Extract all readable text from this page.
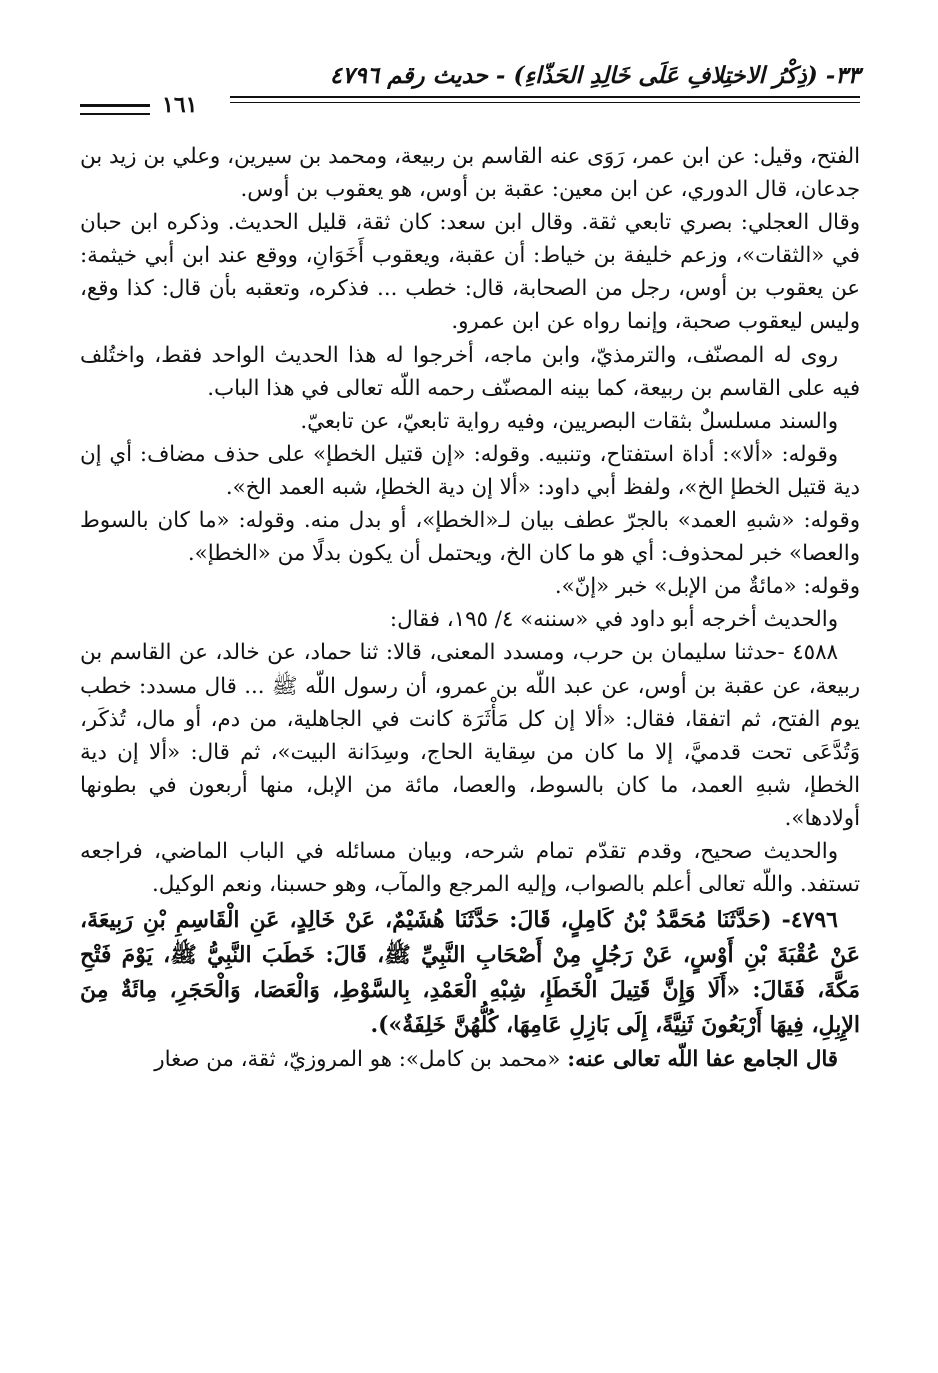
٣٣- (ذِكْرُ الاختِلافِ عَلَى خَالِدِ الحَذّاءِ) - حديث رقم ٤٧٩٦
١٦١

الفتح، وقيل: عن ابن عمر، رَوَى عنه القاسم بن ربيعة، ومحمد بن سيرين، وعلي بن زيد بن جدعان، قال الدوري، عن ابن معين: عقبة بن أوس، هو يعقوب بن أوس.

وقال العجلي: بصري تابعي ثقة. وقال ابن سعد: كان ثقة، قليل الحديث. وذكره ابن حبان في «الثقات»، وزعم خليفة بن خياط: أن عقبة، ويعقوب أَخَوَانِ، ووقع عند ابن أبي خيثمة: عن يعقوب بن أوس، رجل من الصحابة، قال: خطب ... فذكره، وتعقبه بأن قال: كذا وقع، وليس ليعقوب صحبة، وإنما رواه عن ابن عمرو.

روى له المصنّف، والترمذيّ، وابن ماجه، أخرجوا له هذا الحديث الواحد فقط، واختُلف فيه على القاسم بن ربيعة، كما بينه المصنّف رحمه اللّه تعالى في هذا الباب.

والسند مسلسلٌ بثقات البصريين، وفيه رواية تابعيّ، عن تابعيّ.

وقوله: «ألا»: أداة استفتاح، وتنبيه. وقوله: «إن قتيل الخطإ» على حذف مضاف: أي إن دية قتيل الخطإ الخ»، ولفظ أبي داود: «ألا إن دية الخطإ، شبه العمد الخ».

وقوله: «شبهِ العمد» بالجرّ عطف بيان لـ«الخطإ»، أو بدل منه. وقوله: «ما كان بالسوط والعصا» خبر لمحذوف: أي هو ما كان الخ، ويحتمل أن يكون بدلًا من «الخطإ».

وقوله: «مائةٌ من الإبل» خبر «إنّ».

والحديث أخرجه أبو داود في «سننه» ٤/ ١٩٥، فقال:

٤٥٨٨ -حدثنا سليمان بن حرب، ومسدد المعنى، قالا: ثنا حماد، عن خالد، عن القاسم بن ربيعة، عن عقبة بن أوس، عن عبد اللّه بن عمرو، أن رسول اللّه ﷺ ... قال مسدد: خطب يوم الفتح، ثم اتفقا، فقال: «ألا إن كل مَأْثَرَة كانت في الجاهلية، من دم، أو مال، تُذكَر، وَتُدَّعَى تحت قدميَّ، إلا ما كان من سِقاية الحاج، وسِدَانة البيت»، ثم قال: «ألا إن دية الخطإ، شبهِ العمد، ما كان بالسوط، والعصا، مائة من الإبل، منها أربعون في بطونها أولادها».

والحديث صحيح، وقدم تقدّم تمام شرحه، وبيان مسائله في الباب الماضي، فراجعه تستفد. واللّه تعالى أعلم بالصواب، وإليه المرجع والمآب، وهو حسبنا، ونعم الوكيل.

٤٧٩٦- (حَدَّثَنَا مُحَمَّدُ بْنُ كَامِلٍ، قَالَ: حَدَّثَنَا هُشَيْمٌ، عَنْ خَالِدٍ، عَنِ الْقَاسِمِ بْنِ رَبِيعَةَ، عَنْ عُقْبَةَ بْنِ أَوْسٍ، عَنْ رَجُلٍ مِنْ أَصْحَابِ النَّبِيِّ ﷺ، قَالَ: خَطَبَ النَّبِيُّ ﷺ، يَوْمَ فَتْحِ مَكَّةَ، فَقَالَ: «أَلَا وَإِنَّ قَتِيلَ الْخَطَإِ، شِبْهِ الْعَمْدِ، بِالسَّوْطِ، وَالْعَصَا، وَالْحَجَرِ، مِائَةٌ مِنَ الإِبِلِ، فِيهَا أَرْبَعُونَ ثَنِيَّةً، إِلَى بَازِلِ عَامِهَا، كُلُّهُنَّ خَلِفَةٌ»).

قال الجامع عفا اللّه تعالى عنه: «محمد بن كامل»: هو المروزيّ، ثقة، من صغار
